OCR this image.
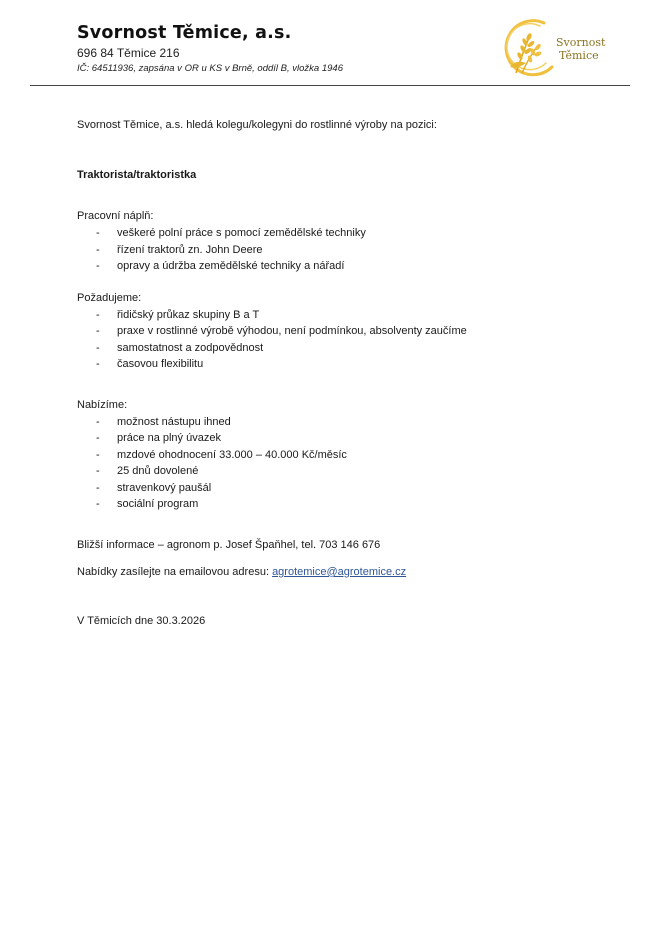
Svornost Těmice, a.s.
696 84 Těmice 216
IČ: 64511936, zapsána v OR u KS v Brně, oddíl B, vložka 1946
Svornost
Těmice
Svornost Těmice, a.s. hledá kolegu/kolegyni do rostlinné výroby na pozici:
Traktorista/traktoristka
Pracovní náplň:
- veškeré polní práce s pomocí zemědělské techniky
- řízení traktorů zn. John Deere
- opravy a údržba zemědělské techniky a nářadí
Požadujeme:
- řidičský průkaz skupiny B a T
- praxe v rostlinné výrobě výhodou, není podmínkou, absolventy zaučíme
- samostatnost a zodpovědnost
- časovou flexibilitu
Nabízíme:
- možnost nástupu ihned
- práce na plný úvazek
- mzdové ohodnocení 33.000 – 40.000 Kč/měsíc
- 25 dnů dovolené
- stravenkový paušál
- sociální program
Bližší informace – agronom p. Josef Špaňhel, tel. 703 146 676
Nabídky zasílejte na emailovou adresu: agrotemice@agrotemice.cz
V Těmicích dne 30.3.2026
